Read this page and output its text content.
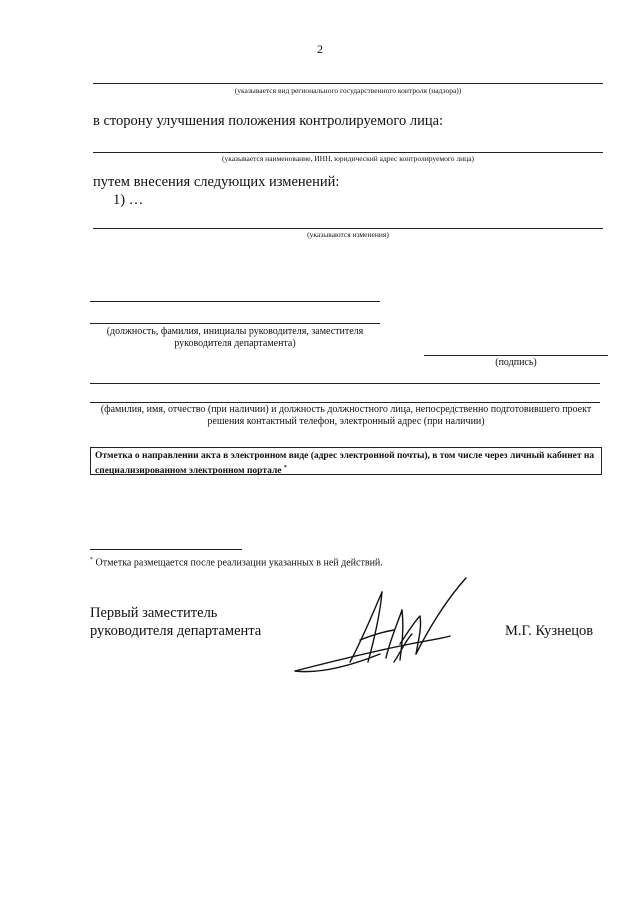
2
(указывается вид регионального государственного контроля (надзора))
в сторону улучшения положения контролируемого лица:
(указывается наименование, ИНН, юридический адрес контролируемого лица)
путем внесения следующих изменений:
1) …
(указываются изменения)
(должность, фамилия, инициалы руководителя, заместителя руководителя департамента)
(подпись)
(фамилия, имя, отчество (при наличии) и должность должностного лица, непосредственно подготовившего проект решения контактный телефон, электронный адрес (при наличии)
Отметка о направлении акта в электронном виде (адрес электронной почты), в том числе через личный кабинет на специализированном электронном портале *
* Отметка размещается после реализации указанных в ней действий.
Первый заместитель руководителя департамента	М.Г. Кузнецов
